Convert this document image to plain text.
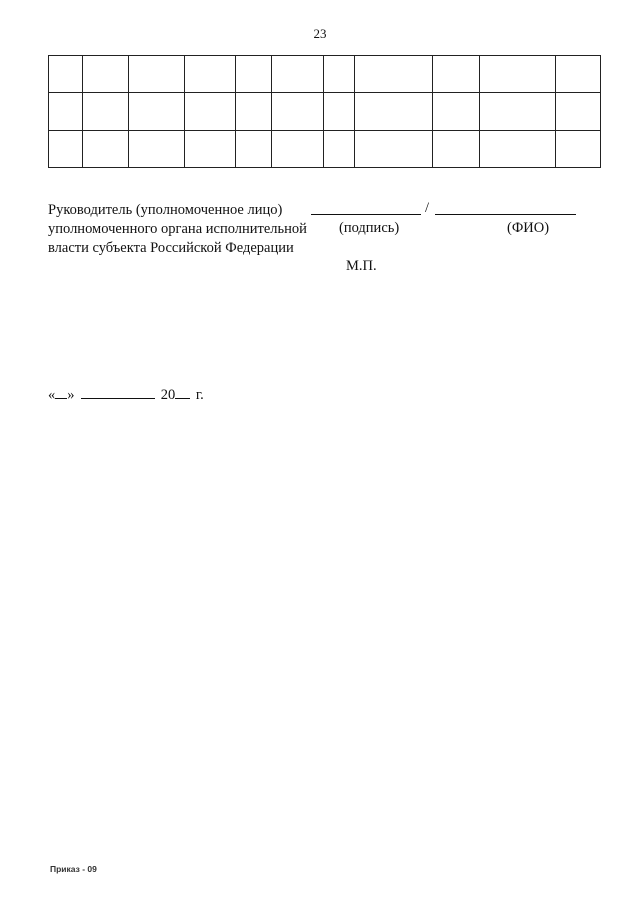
23

Руководитель (уполномоченное лицо)
уполномоченного органа исполнительной
власти субъекта Российской Федерации
/
(подпись)	(ФИО)
М.П.
« »	20 г.
Приказ - 09
